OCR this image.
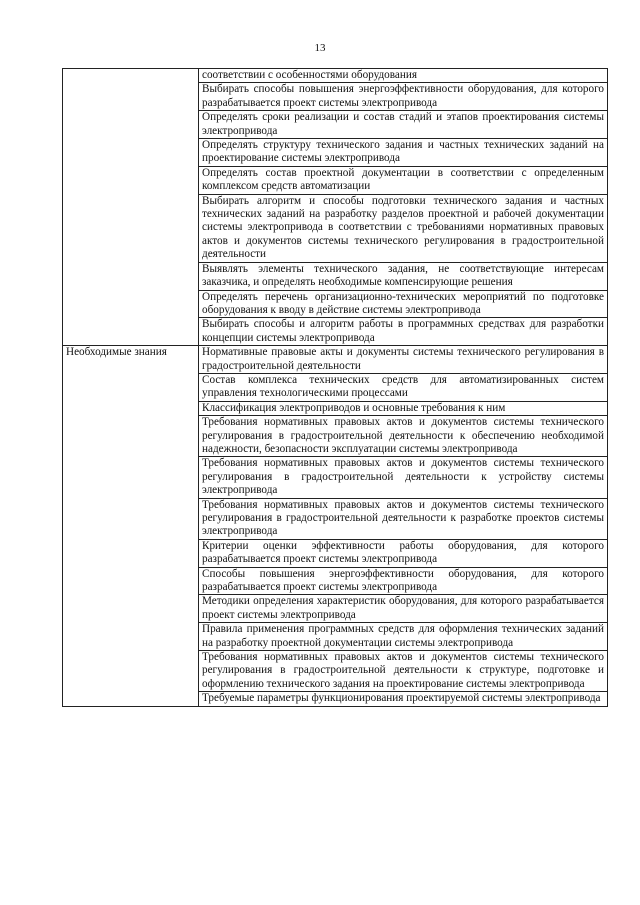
13
	соответствии с особенностями оборудования
	Выбирать способы повышения энергоэффективности оборудования, для которого разрабатывается проект системы электропривода
	Определять сроки реализации и состав стадий и этапов проектирования системы электропривода
	Определять структуру технического задания и частных технических заданий на проектирование системы электропривода
	Определять состав проектной документации в соответствии с определенным комплексом средств автоматизации
	Выбирать алгоритм и способы подготовки технического задания и частных технических заданий на разработку разделов проектной и рабочей документации системы электропривода в соответствии с требованиями нормативных правовых актов и документов системы технического регулирования в градостроительной деятельности
	Выявлять элементы технического задания, не соответствующие интересам заказчика, и определять необходимые компенсирующие решения
	Определять перечень организационно-технических мероприятий по подготовке оборудования к вводу в действие системы электропривода
	Выбирать способы и алгоритм работы в программных средствах для разработки концепции системы электропривода
Необходимые знания	Нормативные правовые акты и документы системы технического регулирования в градостроительной деятельности
	Состав комплекса технических средств для автоматизированных систем управления технологическими процессами
	Классификация электроприводов и основные требования к ним
	Требования нормативных правовых актов и документов системы технического регулирования в градостроительной деятельности к обеспечению необходимой надежности, безопасности эксплуатации системы электропривода
	Требования нормативных правовых актов и документов системы технического регулирования в градостроительной деятельности к устройству системы электропривода
	Требования нормативных правовых актов и документов системы технического регулирования в градостроительной деятельности к разработке проектов системы электропривода
	Критерии оценки эффективности работы оборудования, для которого разрабатывается проект системы электропривода
	Способы повышения энергоэффективности оборудования, для которого разрабатывается проект системы электропривода
	Методики определения характеристик оборудования, для которого разрабатывается проект системы электропривода
	Правила применения программных средств для оформления технических заданий на разработку проектной документации системы электропривода
	Требования нормативных правовых актов и документов системы технического регулирования в градостроительной деятельности к структуре, подготовке и оформлению технического задания на проектирование системы электропривода
	Требуемые параметры функционирования проектируемой системы электропривода
